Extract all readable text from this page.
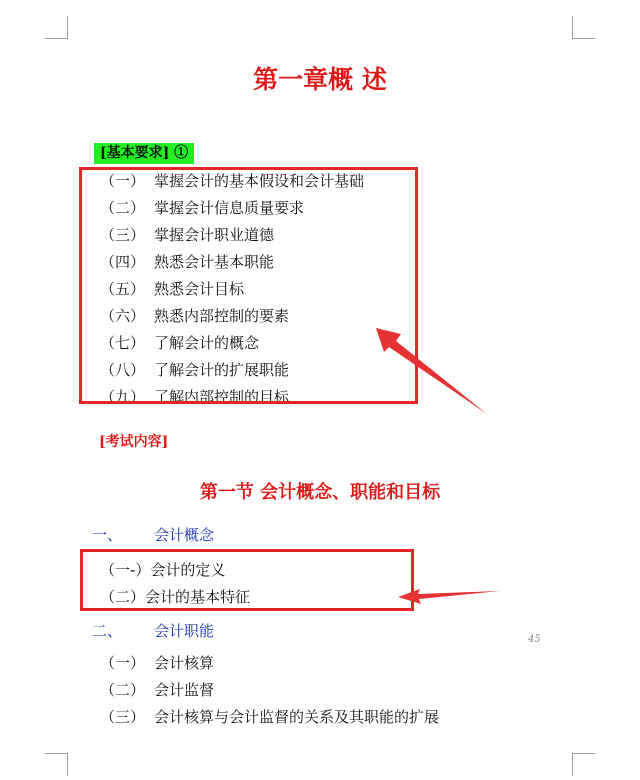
第一章概 述
[基本要求] ①
（一） 掌握会计的基本假设和会计基础
（二） 掌握会计信息质量要求
（三） 掌握会计职业道德
（四） 熟悉会计基本职能
（五） 熟悉会计目标
（六） 熟悉内部控制的要素
（七） 了解会计的概念
（八） 了解会计的扩展职能
（九） 了解内部控制的目标
[考试内容]
第一节 会计概念、职能和目标
一、 会计概念
（一-）会计的定义
（二）会计的基本特征
二、 会计职能
（一） 会计核算
（二） 会计监督
（三） 会计核算与会计监督的关系及其职能的扩展
45
